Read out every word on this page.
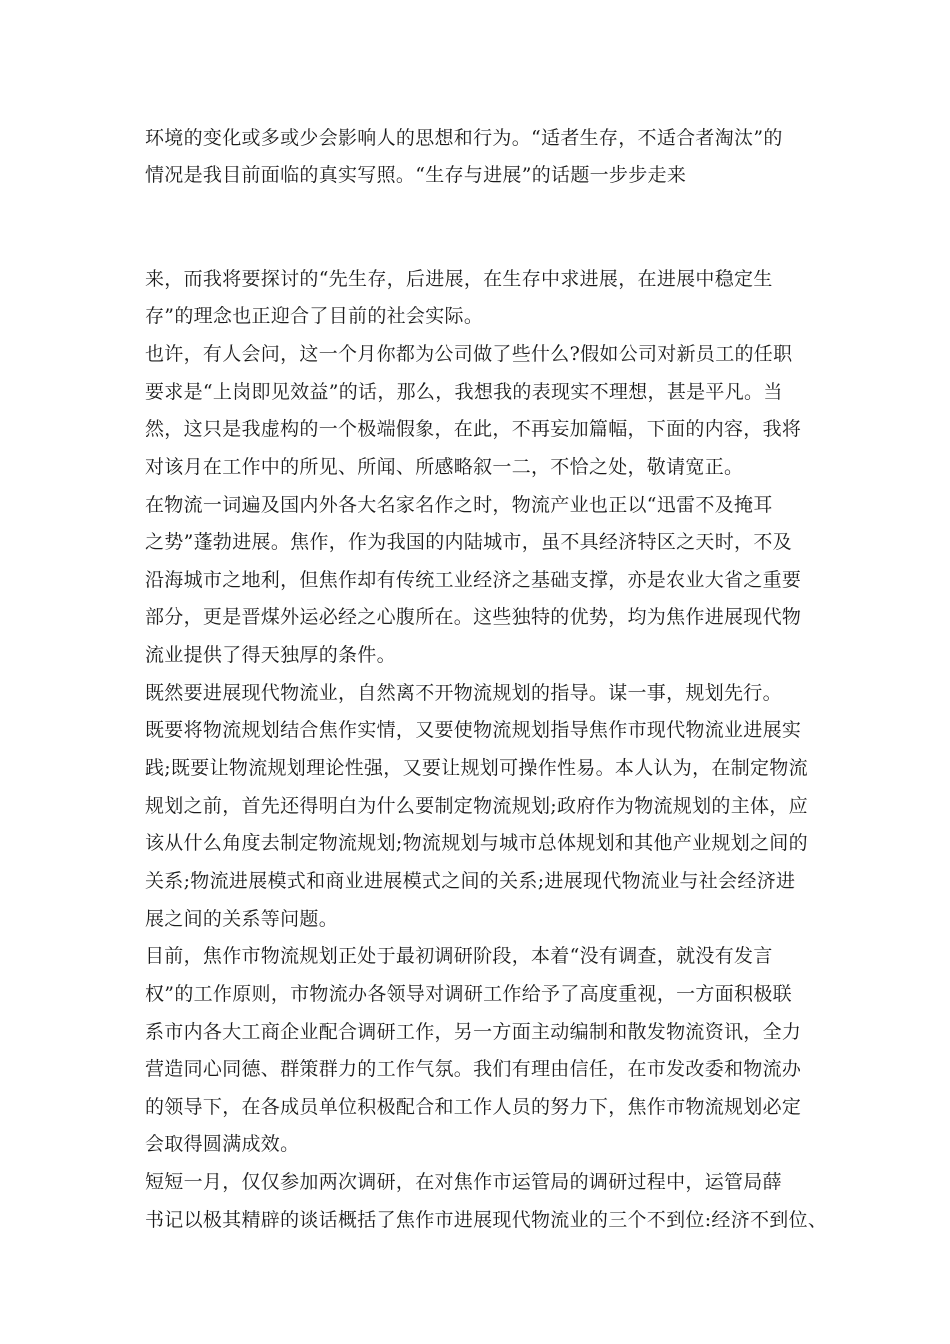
环境的变化或多或少会影响人的思想和行为。“适者生存，不适合者淘汰”的
情况是我目前面临的真实写照。“生存与进展”的话题一步步走来
来，而我将要探讨的“先生存，后进展，在生存中求进展，在进展中稳定生
存”的理念也正迎合了目前的社会实际。
也许，有人会问，这一个月你都为公司做了些什么?假如公司对新员工的任职
要求是“上岗即见效益”的话，那么，我想我的表现实不理想，甚是平凡。当
然，这只是我虚构的一个极端假象，在此，不再妄加篇幅，下面的内容，我将
对该月在工作中的所见、所闻、所感略叙一二，不恰之处，敬请宽正。
在物流一词遍及国内外各大名家名作之时，物流产业也正以“迅雷不及掩耳
之势”蓬勃进展。焦作，作为我国的内陆城市，虽不具经济特区之天时，不及
沿海城市之地利，但焦作却有传统工业经济之基础支撑，亦是农业大省之重要
部分，更是晋煤外运必经之心腹所在。这些独特的优势，均为焦作进展现代物
流业提供了得天独厚的条件。
既然要进展现代物流业，自然离不开物流规划的指导。谋一事，规划先行。
既要将物流规划结合焦作实情，又要使物流规划指导焦作市现代物流业进展实
践;既要让物流规划理论性强，又要让规划可操作性易。本人认为，在制定物流
规划之前，首先还得明白为什么要制定物流规划;政府作为物流规划的主体，应
该从什么角度去制定物流规划;物流规划与城市总体规划和其他产业规划之间的
关系;物流进展模式和商业进展模式之间的关系;进展现代物流业与社会经济进
展之间的关系等问题。
目前，焦作市物流规划正处于最初调研阶段，本着“没有调查，就没有发言
权”的工作原则，市物流办各领导对调研工作给予了高度重视，一方面积极联
系市内各大工商企业配合调研工作，另一方面主动编制和散发物流资讯，全力
营造同心同德、群策群力的工作气氛。我们有理由信任，在市发改委和物流办
的领导下，在各成员单位积极配合和工作人员的努力下，焦作市物流规划必定
会取得圆满成效。
短短一月，仅仅参加两次调研，在对焦作市运管局的调研过程中，运管局薛
书记以极其精辟的谈话概括了焦作市进展现代物流业的三个不到位:经济不到位、
